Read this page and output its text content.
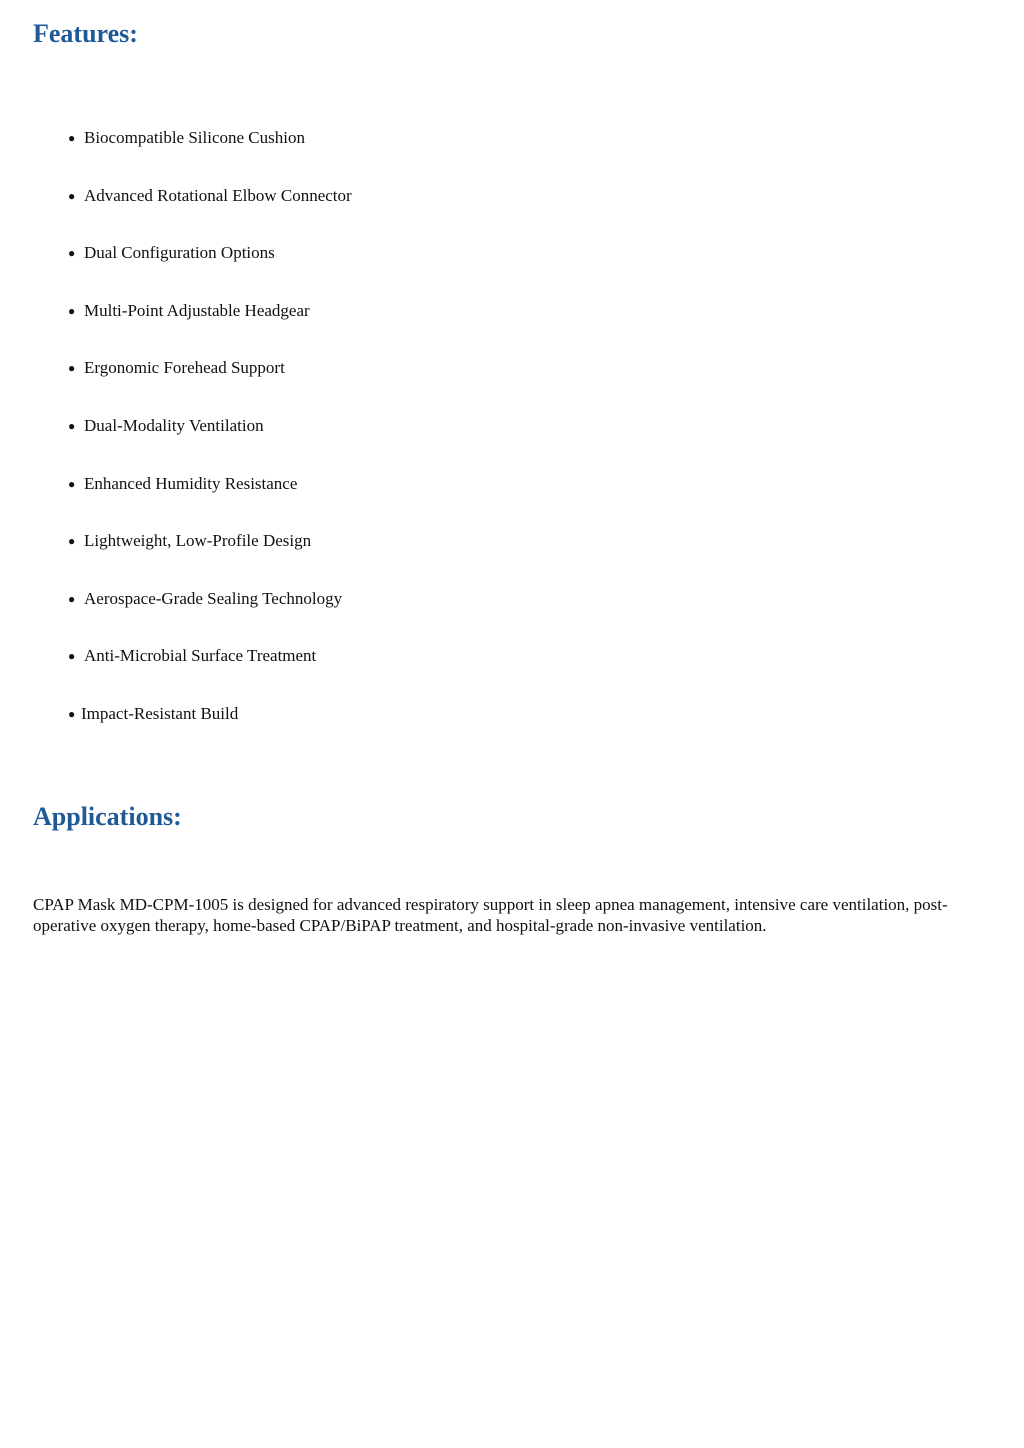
Features:
● Biocompatible Silicone Cushion
● Advanced Rotational Elbow Connector
● Dual Configuration Options
● Multi-Point Adjustable Headgear
● Ergonomic Forehead Support
● Dual-Modality Ventilation
● Enhanced Humidity Resistance
● Lightweight, Low-Profile Design
● Aerospace-Grade Sealing Technology
● Anti-Microbial Surface Treatment
● Impact-Resistant Build
Applications:

CPAP Mask MD-CPM-1005 is designed for advanced respiratory support in sleep apnea management, intensive care ventilation, post-operative oxygen therapy, home-based CPAP/BiPAP treatment, and hospital-grade non-invasive ventilation.
